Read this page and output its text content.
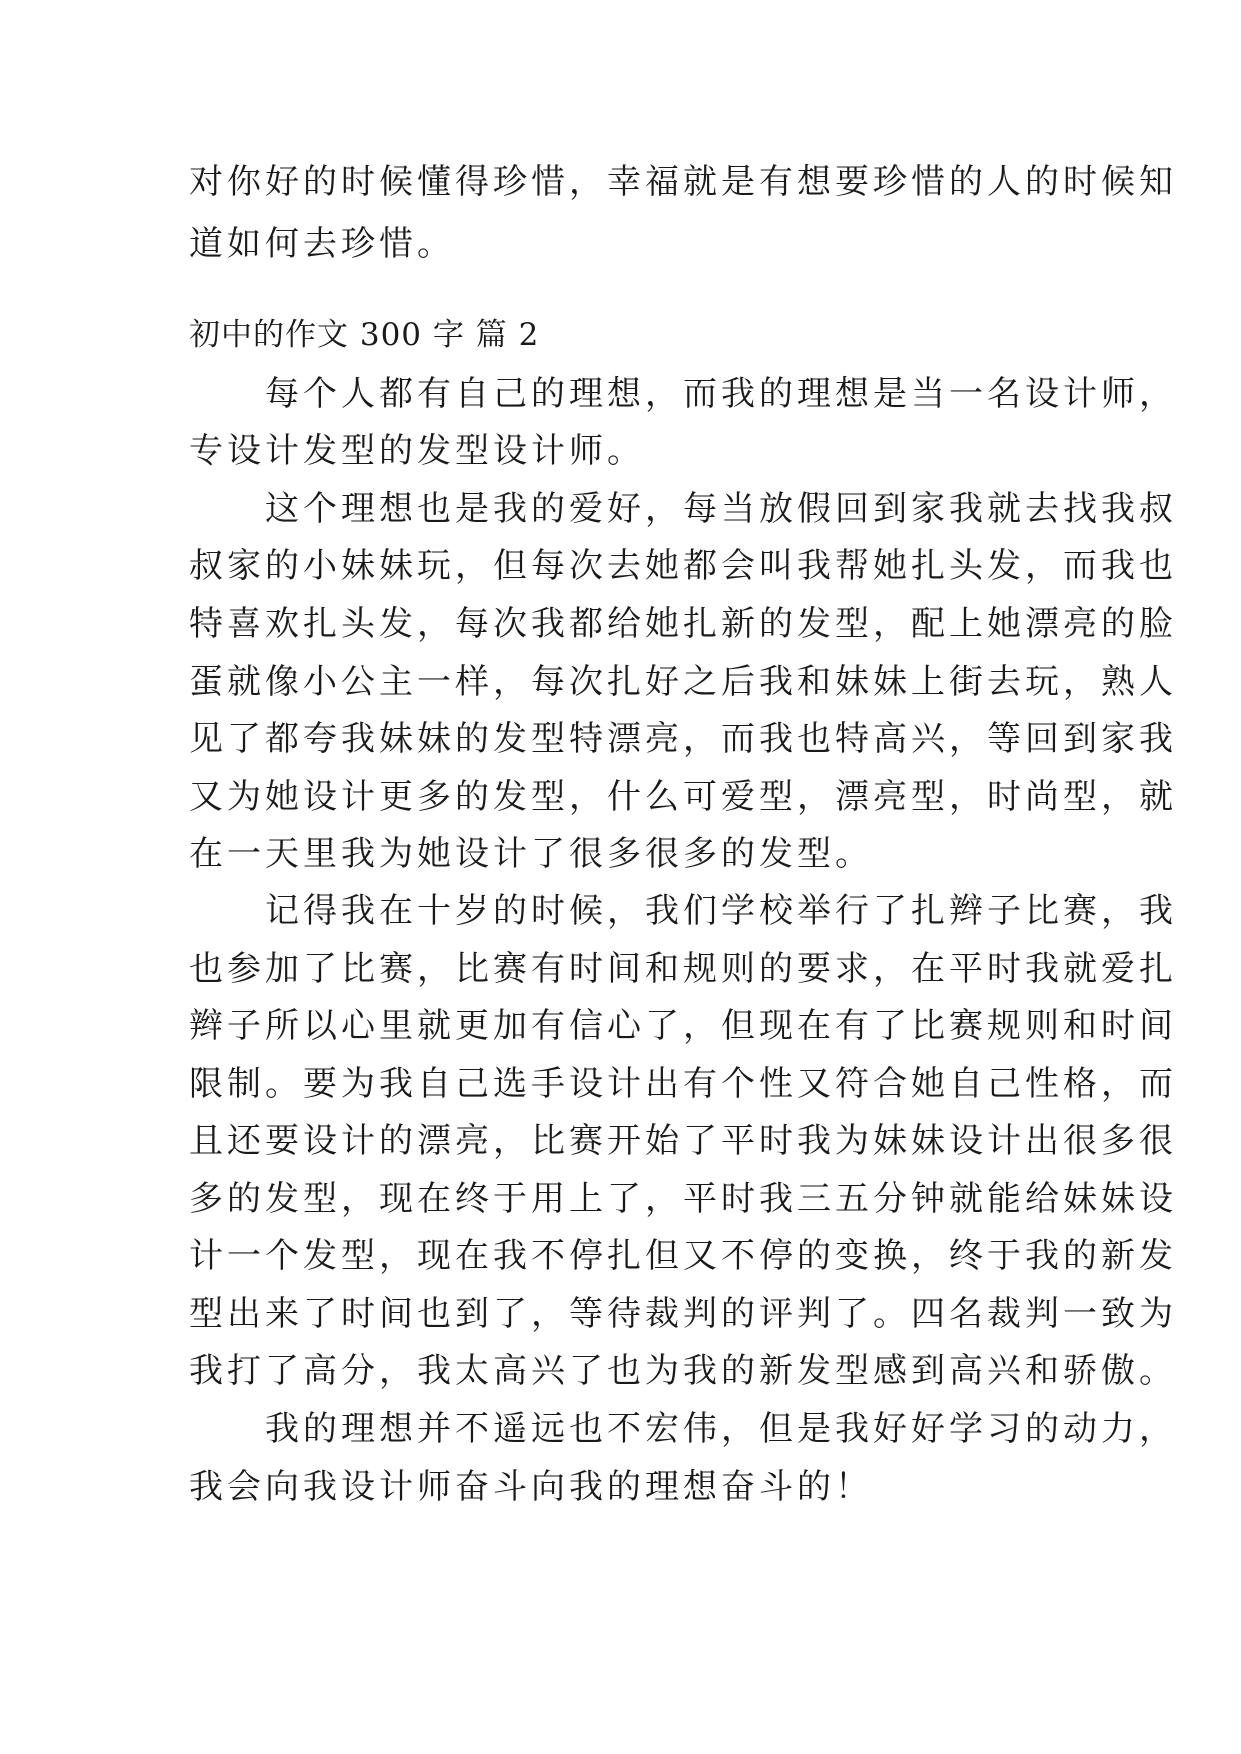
对你好的时候懂得珍惜，幸福就是有想要珍惜的人的时候知

道如何去珍惜。

初中的作文 300 字 篇 2

　　每个人都有自己的理想，而我的理想是当一名设计师，

专设计发型的发型设计师。

　　这个理想也是我的爱好，每当放假回到家我就去找我叔

叔家的小妹妹玩，但每次去她都会叫我帮她扎头发，而我也

特喜欢扎头发，每次我都给她扎新的发型，配上她漂亮的脸

蛋就像小公主一样，每次扎好之后我和妹妹上街去玩，熟人

见了都夸我妹妹的发型特漂亮，而我也特高兴，等回到家我

又为她设计更多的发型，什么可爱型，漂亮型，时尚型，就

在一天里我为她设计了很多很多的发型。

　　记得我在十岁的时候，我们学校举行了扎辫子比赛，我

也参加了比赛，比赛有时间和规则的要求，在平时我就爱扎

辫子所以心里就更加有信心了，但现在有了比赛规则和时间

限制。要为我自己选手设计出有个性又符合她自己性格，而

且还要设计的漂亮，比赛开始了平时我为妹妹设计出很多很

多的发型，现在终于用上了，平时我三五分钟就能给妹妹设

计一个发型，现在我不停扎但又不停的变换，终于我的新发

型出来了时间也到了，等待裁判的评判了。四名裁判一致为

我打了高分，我太高兴了也为我的新发型感到高兴和骄傲。

　　我的理想并不遥远也不宏伟，但是我好好学习的动力，

我会向我设计师奋斗向我的理想奋斗的！
